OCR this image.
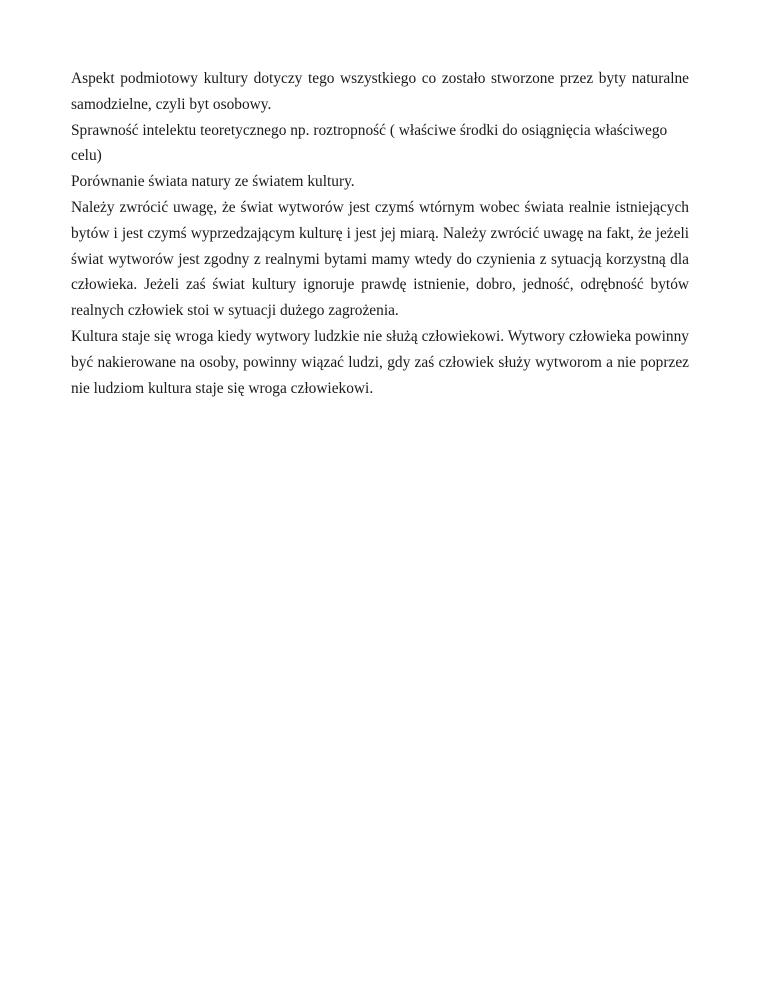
Aspekt podmiotowy kultury dotyczy tego wszystkiego co zostało stworzone przez byty naturalne samodzielne, czyli byt osobowy.

Sprawność intelektu teoretycznego np. roztropność ( właściwe środki do osiągnięcia właściwego celu)

Porównanie świata natury ze światem kultury.

Należy zwrócić uwagę, że świat wytworów jest czymś wtórnym wobec świata realnie istniejących bytów i jest czymś wyprzedzającym kulturę i jest jej miarą. Należy zwrócić uwagę na fakt, że jeżeli świat wytworów jest zgodny z realnymi bytami mamy wtedy do czynienia z sytuacją korzystną dla człowieka. Jeżeli zaś świat kultury ignoruje prawdę istnienie, dobro, jedność, odrębność bytów realnych człowiek stoi w sytuacji dużego zagrożenia.

Kultura staje się wroga kiedy wytwory ludzkie nie służą człowiekowi. Wytwory człowieka powinny być nakierowane na osoby, powinny wiązać ludzi, gdy zaś człowiek służy wytworom a nie poprzez nie ludziom kultura staje się wroga człowiekowi.
